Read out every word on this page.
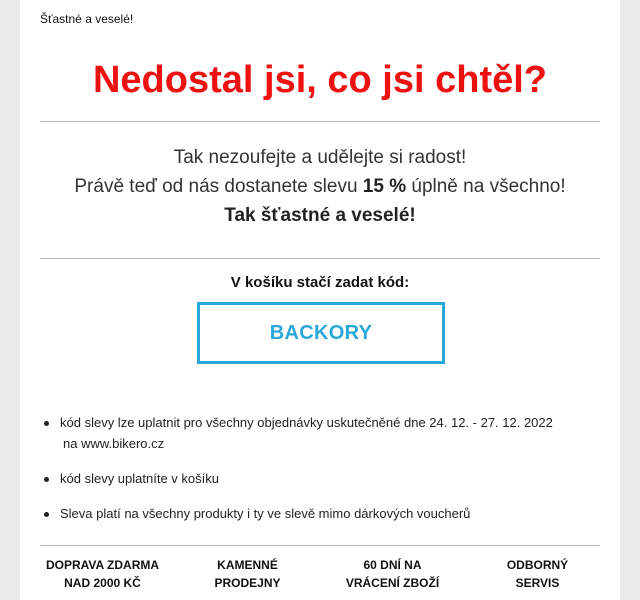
Šťastné a veselé!
Nedostal jsi, co jsi chtěl?

Tak nezoufejte a udělejte si radost!

Právě teď od nás dostanete slevu 15 % úplně na všechno!

Tak šťastné a veselé!

V košíku stačí zadat kód:
BACKORY
kód slevy lze uplatnit pro všechny objednávky uskutečněné dne 24. 12. - 27. 12. 2022
na www.bikero.cz
kód slevy uplatníte v košíku
Sleva platí na všechny produkty i ty ve slevě mimo dárkových voucherů
DOPRAVA ZDARMA
NAD 2000 KČ
KAMENNÉ
PRODEJNY
60 DNÍ NA
VRÁCENÍ ZBOŽÍ
ODBORNÝ
SERVIS
